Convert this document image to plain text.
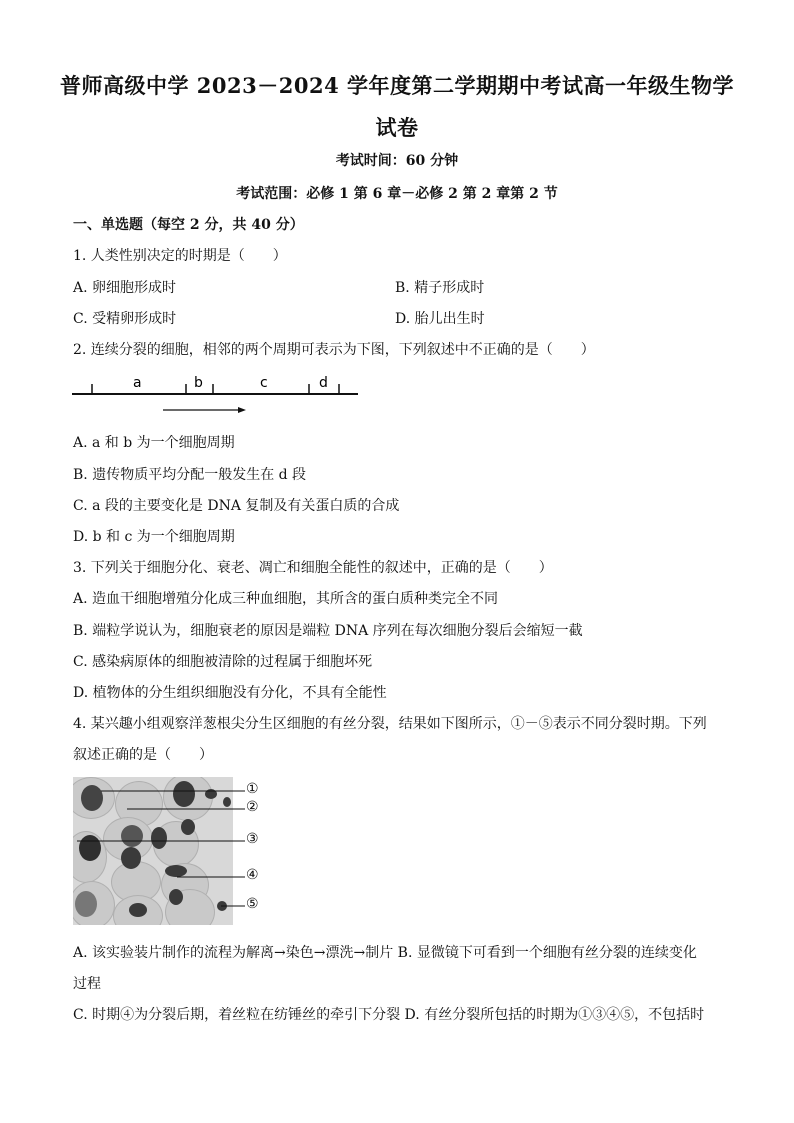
普师高级中学 2023－2024 学年度第二学期期中考试高一年级生物学
试卷
考试时间：60 分钟
考试范围：必修 1 第 6 章－必修 2 第 2 章第 2 节
一、单选题（每空 2 分，共 40 分）
1. 人类性别决定的时期是（　　）
A. 卵细胞形成时	B. 精子形成时
C. 受精卵形成时	D. 胎儿出生时
2. 连续分裂的细胞，相邻的两个周期可表示为下图，下列叙述中不正确的是（　　）
a	b	c	d
A. a 和 b 为一个细胞周期
B. 遗传物质平均分配一般发生在 d 段
C. a 段的主要变化是 DNA 复制及有关蛋白质的合成
D. b 和 c 为一个细胞周期
3. 下列关于细胞分化、衰老、凋亡和细胞全能性的叙述中，正确的是（　　）
A. 造血干细胞增殖分化成三种血细胞，其所含的蛋白质种类完全不同
B. 端粒学说认为，细胞衰老的原因是端粒 DNA 序列在每次细胞分裂后会缩短一截
C. 感染病原体的细胞被清除的过程属于细胞坏死
D. 植物体的分生组织细胞没有分化，不具有全能性
4. 某兴趣小组观察洋葱根尖分生区细胞的有丝分裂，结果如下图所示，①－⑤表示不同分裂时期。下列
叙述正确的是（　　）
①
②
③
④
⑤
A. 该实验装片制作的流程为解离→染色→漂洗→制片 B. 显微镜下可看到一个细胞有丝分裂的连续变化
过程
C. 时期④为分裂后期，着丝粒在纺锤丝的牵引下分裂 D. 有丝分裂所包括的时期为①③④⑤，不包括时
